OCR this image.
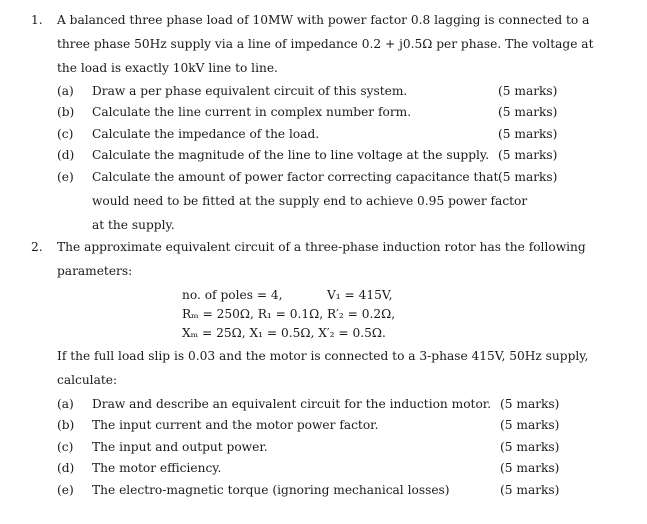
1. A balanced three phase load of 10MW with power factor 0.8 lagging is connected to a
three phase 50Hz supply via a line of impedance 0.2 + j0.5Ω per phase. The voltage at
the load is exactly 10kV line to line.
(a) Draw a per phase equivalent circuit of this system.	(5 marks)
(b) Calculate the line current in complex number form.	(5 marks)
(c) Calculate the impedance of the load.	(5 marks)
(d) Calculate the magnitude of the line to line voltage at the supply. (5 marks)
(e) Calculate the amount of power factor correcting capacitance that (5 marks)
would need to be fitted at the supply end to achieve 0.95 power factor
at the supply.
2. The approximate equivalent circuit of a three-phase induction rotor has the following
parameters:
no. of poles = 4,	V₁ = 415V,
Rₘ = 250Ω, R₁ = 0.1Ω, R′₂ = 0.2Ω,
Xₘ = 25Ω, X₁ = 0.5Ω, X′₂ = 0.5Ω.
If the full load slip is 0.03 and the motor is connected to a 3-phase 415V, 50Hz supply,
calculate:
(a) Draw and describe an equivalent circuit for the induction motor. (5 marks)
(b) The input current and the motor power factor.	(5 marks)
(c) The input and output power.	(5 marks)
(d) The motor efficiency.	(5 marks)
(e) The electro-magnetic torque (ignoring mechanical losses)	(5 marks)
